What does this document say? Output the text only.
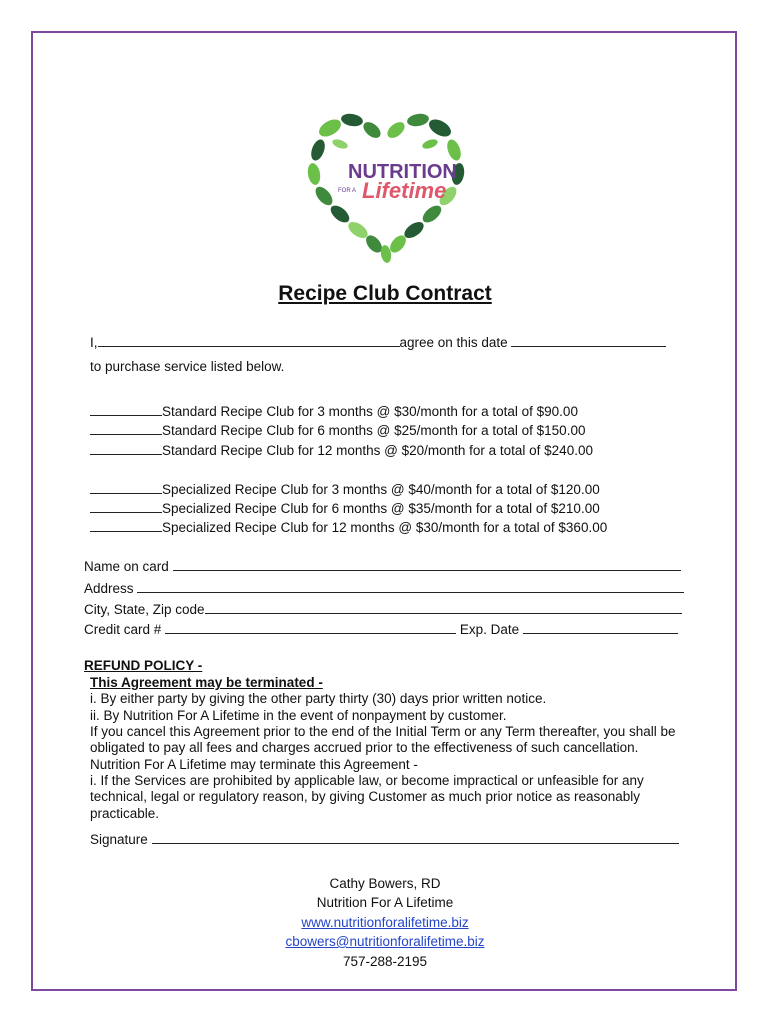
NUTRITION
FOR A Lifetime
Recipe Club Contract
I,	agree on this date
to purchase service listed below.
Standard Recipe Club for 3 months @ $30/month for a total of $90.00
Standard Recipe Club for 6 months @ $25/month for a total of $150.00
Standard Recipe Club for 12 months @ $20/month for a total of $240.00
Specialized Recipe Club for 3 months @ $40/month for a total of $120.00
Specialized Recipe Club for 6 months @ $35/month for a total of $210.00
Specialized Recipe Club for 12 months @ $30/month for a total of $360.00
Name on card
Address
City, State, Zip code
Credit card #	Exp. Date
REFUND POLICY -
This Agreement may be terminated -
i. By either party by giving the other party thirty (30) days prior written notice.
ii. By Nutrition For A Lifetime in the event of nonpayment by customer.
If you cancel this Agreement prior to the end of the Initial Term or any Term thereafter, you shall be obligated to pay all fees and charges accrued prior to the effectiveness of such cancellation.
Nutrition For A Lifetime may terminate this Agreement -
i. If the Services are prohibited by applicable law, or become impractical or unfeasible for any technical, legal or regulatory reason, by giving Customer as much prior notice as reasonably practicable.
Signature
Cathy Bowers, RD
Nutrition For A Lifetime
www.nutritionforalifetime.biz
cbowers@nutritionforalifetime.biz
757-288-2195
